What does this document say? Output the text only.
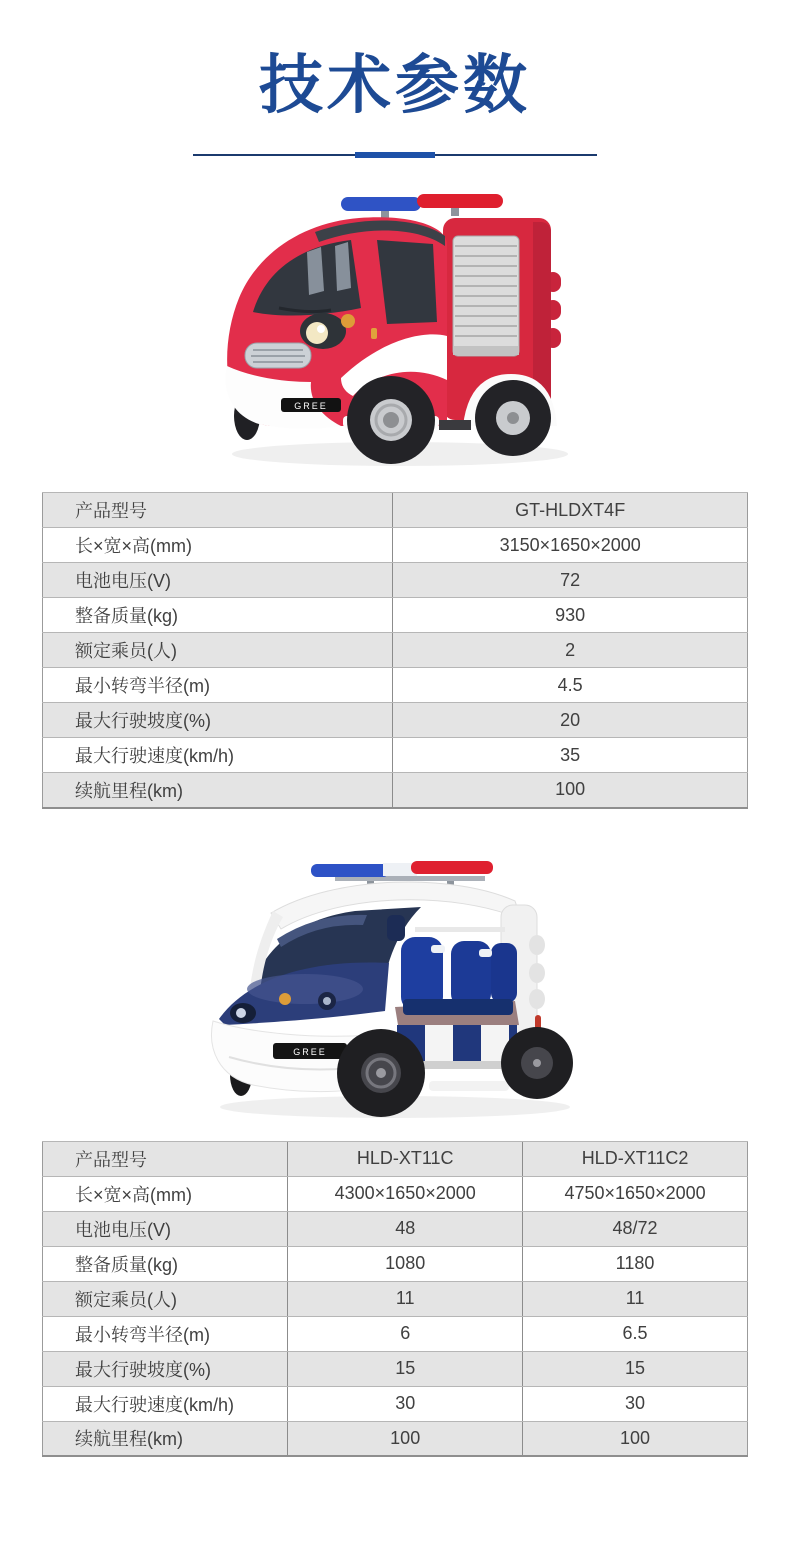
技术参数
GREE
产品型号	GT-HLDXT4F
长×宽×高(mm)	3150×1650×2000
电池电压(V)	72
整备质量(kg)	930
额定乘员(人)	2
最小转弯半径(m)	4.5
最大行驶坡度(%)	20
最大行驶速度(km/h)	35
续航里程(km)	100
GREE
产品型号	HLD-XT11C	HLD-XT11C2
长×宽×高(mm)	4300×1650×2000	4750×1650×2000
电池电压(V)	48	48/72
整备质量(kg)	1080	1180
额定乘员(人)	11	11
最小转弯半径(m)	6	6.5
最大行驶坡度(%)	15	15
最大行驶速度(km/h)	30	30
续航里程(km)	100	100
